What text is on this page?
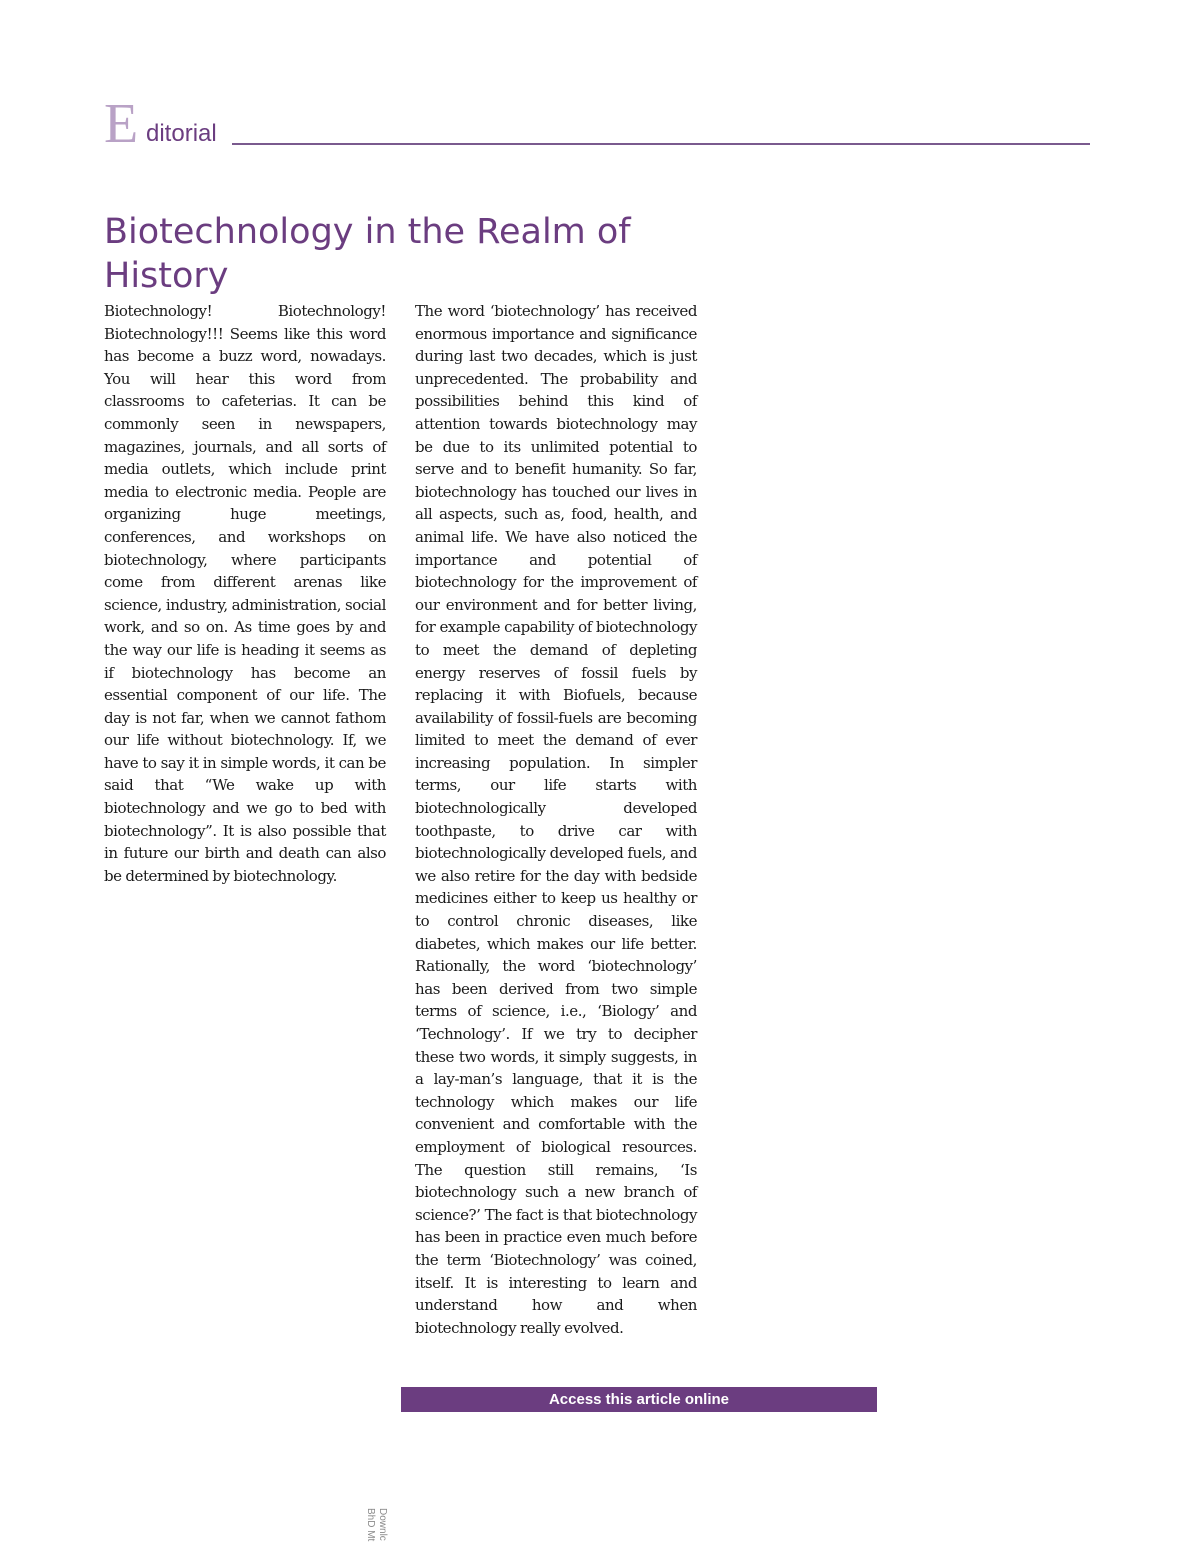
E ditorial
Biotechnology in the Realm of History

Biotechnology! Biotechnology! Biotechnology!!! Seems like this word has become a buzz word, nowadays. You will hear this word from classrooms to cafeterias. It can be commonly seen in newspapers, magazines, journals, and all sorts of media outlets, which include print media to electronic media. People are organizing huge meetings, conferences, and workshops on biotechnology, where participants come from different arenas like science, industry, administration, social work, and so on. As time goes by and the way our life is heading it seems as if biotechnology has become an essential component of our life. The day is not far, when we cannot fathom our life without biotechnology. If, we have to say it in simple words, it can be said that “We wake up with biotechnology and we go to bed with biotechnology”. It is also possible that in future our birth and death can also be determined by biotechnology.

The word ‘biotechnology’ has received enormous importance and significance during last two decades, which is just unprecedented. The probability and possibilities behind this kind of attention towards biotechnology may be due to its unlimited potential to serve and to benefit humanity. So far, biotechnology has touched our lives in all aspects, such as, food, health, and animal life. We have also noticed the importance and potential of biotechnology for the improvement of our environment and for better living, for example capability of biotechnology to meet the demand of depleting energy reserves of fossil fuels by replacing it with Biofuels, because availability of fossil-fuels are becoming limited to meet the demand of ever increasing population. In simpler terms, our life starts with biotechnologically developed toothpaste, to drive car with biotechnologically developed fuels, and we also retire for the day with bedside medicines either to keep us healthy or to control chronic diseases, like diabetes, which makes our life better. Rationally, the word ‘biotechnology’ has been derived from two simple terms of science, i.e., ‘Biology’ and ‘Technology’. If we try to decipher these two words, it simply suggests, in a lay-man’s language, that it is the technology which makes our life convenient and comfortable with the employment of biological resources. The question still remains, ‘Is biotechnology such a new branch of science?’ The fact is that biotechnology has been in practice even much before the term ‘Biotechnology’ was coined, itself. It is interesting to learn and understand how and when biotechnology really evolved.

Access this article online
Downlc
BhD Mt
